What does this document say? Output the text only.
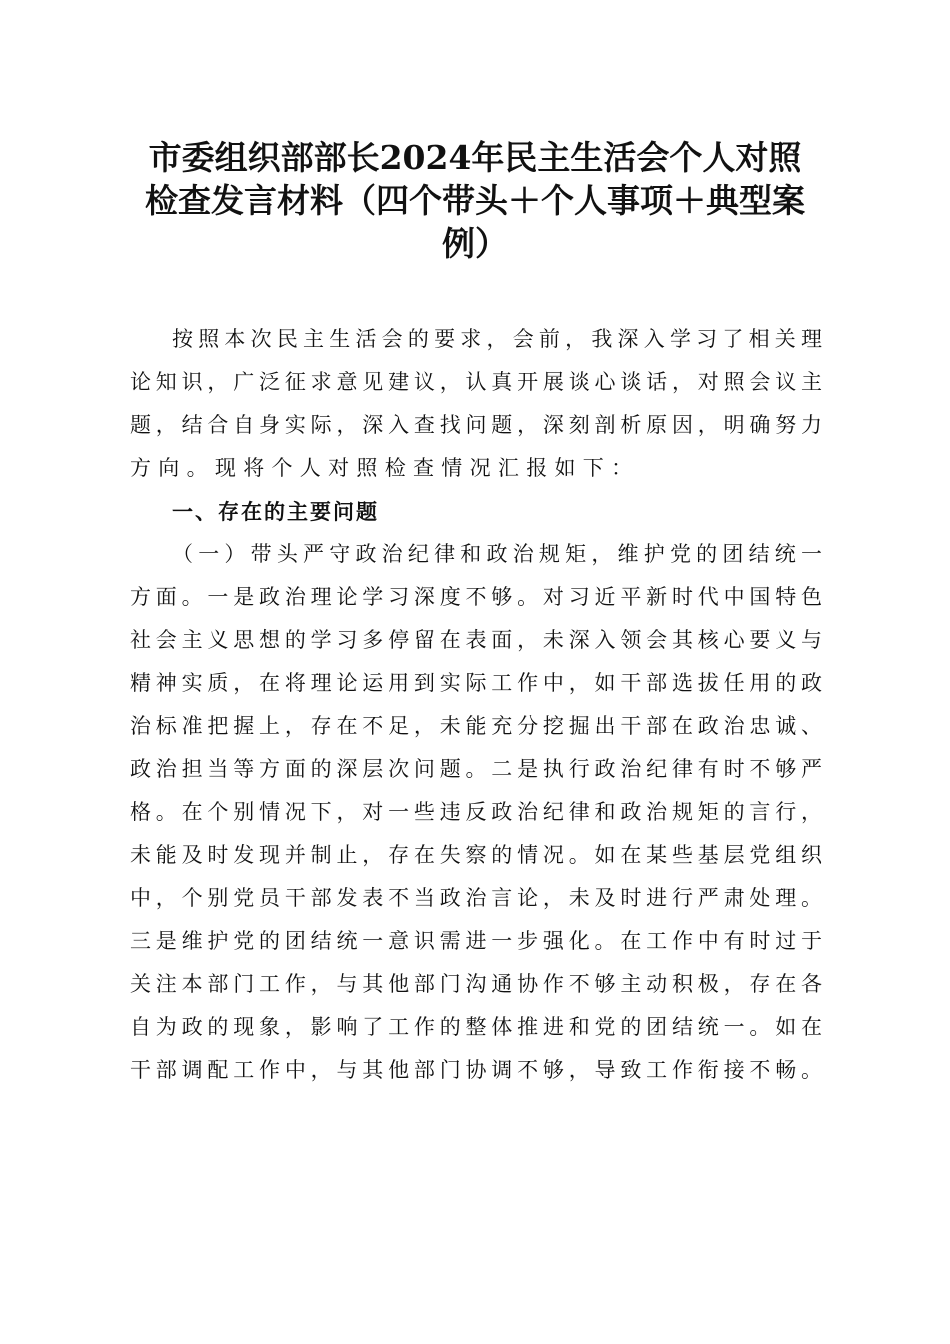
市委组织部部长2024年民主生活会个人对照
检查发言材料（四个带头＋个人事项＋典型案
例）
按照本次民主生活会的要求，会前，我深入学习了相关理
论知识，广泛征求意见建议，认真开展谈心谈话，对照会议主
题，结合自身实际，深入查找问题，深刻剖析原因，明确努力
方向。现将个人对照检查情况汇报如下：
一、存在的主要问题
（一）带头严守政治纪律和政治规矩，维护党的团结统一
方面。一是政治理论学习深度不够。对习近平新时代中国特色
社会主义思想的学习多停留在表面，未深入领会其核心要义与
精神实质，在将理论运用到实际工作中，如干部选拔任用的政
治标准把握上，存在不足，未能充分挖掘出干部在政治忠诚、
政治担当等方面的深层次问题。二是执行政治纪律有时不够严
格。在个别情况下，对一些违反政治纪律和政治规矩的言行，
未能及时发现并制止，存在失察的情况。如在某些基层党组织
中，个别党员干部发表不当政治言论，未及时进行严肃处理。
三是维护党的团结统一意识需进一步强化。在工作中有时过于
关注本部门工作，与其他部门沟通协作不够主动积极，存在各
自为政的现象，影响了工作的整体推进和党的团结统一。如在
干部调配工作中，与其他部门协调不够，导致工作衔接不畅。
